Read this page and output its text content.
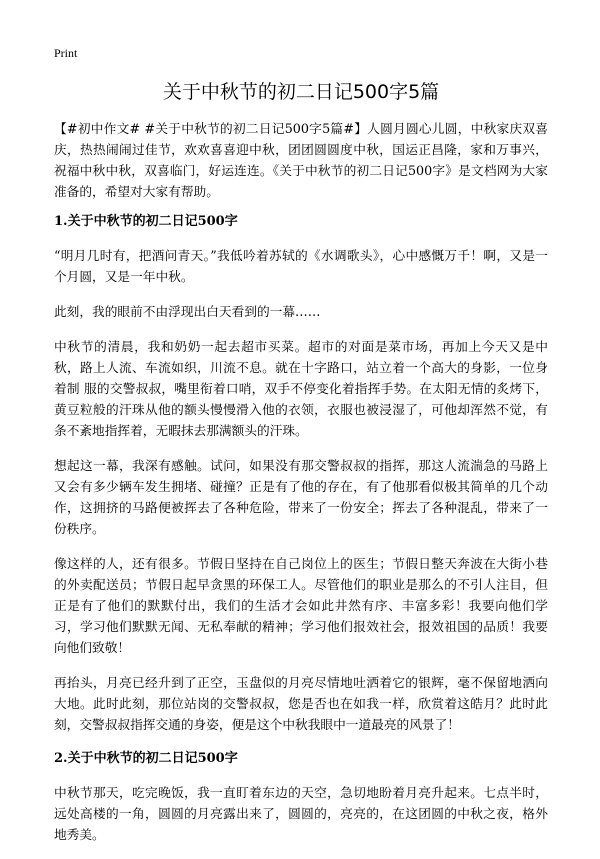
Print
关于中秋节的初二日记500字5篇

【#初中作文# #关于中秋节的初二日记500字5篇#】人圆月圆心儿圆，中秋家庆双喜庆，热热闹闹过佳节，欢欢喜喜迎中秋，团团圆圆度中秋，国运正昌隆，家和万事兴，祝福中秋中秋，双喜临门，好运连连。《关于中秋节的初二日记500字》是文档网为大家准备的，希望对大家有帮助。

1.关于中秋节的初二日记500字

“明月几时有，把酒问青天。”我低吟着苏轼的《水调歌头》，心中感慨万千！啊，又是一个月圆，又是一年中秋。

此刻，我的眼前不由浮现出白天看到的一幕……

中秋节的清晨，我和奶奶一起去超市买菜。超市的对面是菜市场，再加上今天又是中秋，路上人流、车流如织，川流不息。就在十字路口，站立着一个高大的身影，一位身着制 服的交警叔叔，嘴里衔着口哨，双手不停变化着指挥手势。在太阳无情的炙烤下，黄豆粒般的汗珠从他的额头慢慢滑入他的衣领，衣服也被浸湿了，可他却浑然不觉，有条不紊地指挥着，无暇抹去那满额头的汗珠。

想起这一幕，我深有感触。试问，如果没有那交警叔叔的指挥，那这人流湍急的马路上又会有多少辆车发生拥堵、碰撞？正是有了他的存在，有了他那看似极其简单的几个动作，这拥挤的马路便被挥去了各种危险，带来了一份安全；挥去了各种混乱，带来了一份秩序。

像这样的人，还有很多。节假日坚持在自己岗位上的医生；节假日整天奔波在大街小巷的外卖配送员；节假日起早贪黑的环保工人。尽管他们的职业是那么的不引人注目，但正是有了他们的默默付出，我们的生活才会如此井然有序、丰富多彩！我要向他们学习，学习他们默默无闻、无私奉献的精神；学习他们报效社会，报效祖国的品质！我要向他们致敬！

再抬头，月亮已经升到了正空，玉盘似的月亮尽情地吐洒着它的银辉，毫不保留地洒向大地。此时此刻，那位站岗的交警叔叔，您是否也在如我一样，欣赏着这皓月？此时此刻，交警叔叔指挥交通的身姿，便是这个中秋我眼中一道最亮的风景了！

2.关于中秋节的初二日记500字

中秋节那天，吃完晚饭，我一直盯着东边的天空，急切地盼着月亮升起来。七点半时，远处高楼的一角，圆圆的月亮露出来了，圆圆的，亮亮的，在这团圆的中秋之夜，格外地秀美。
